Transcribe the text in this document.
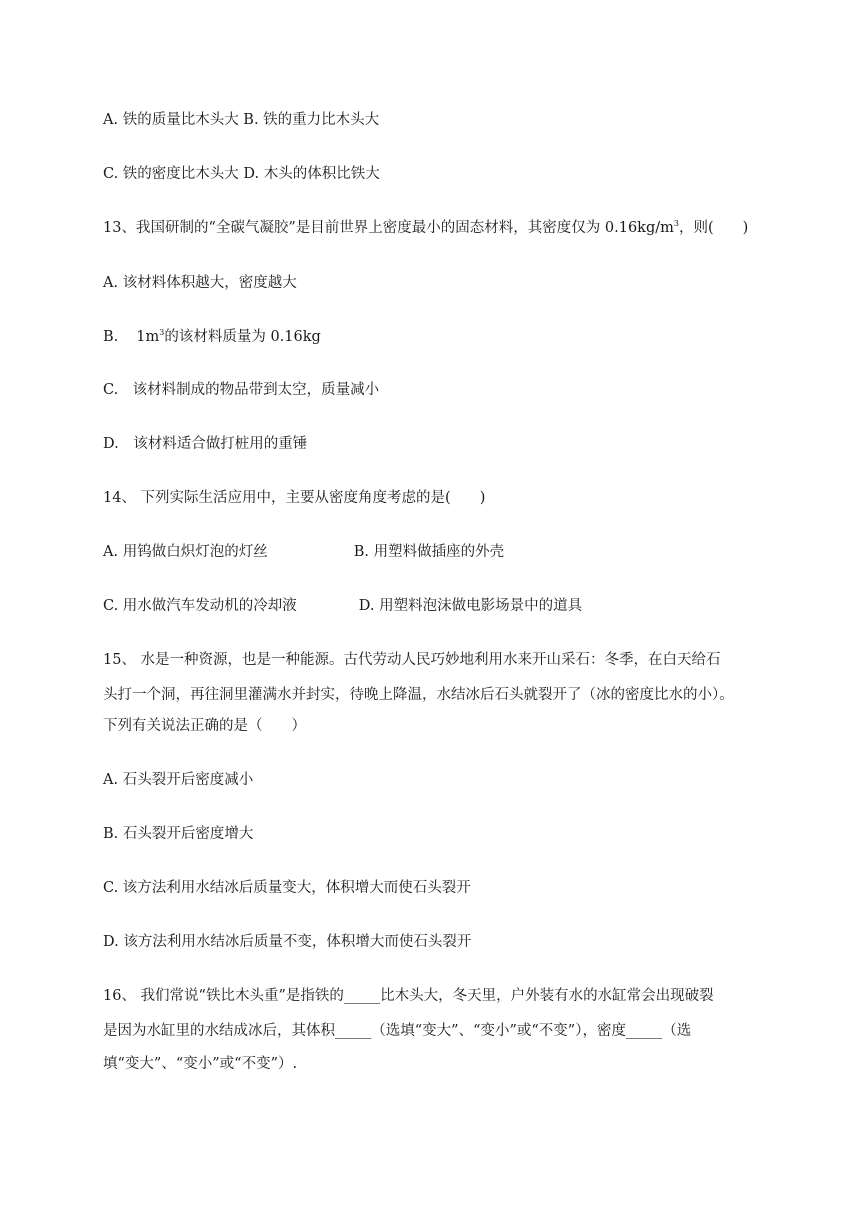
A. 铁的质量比木头大 B. 铁的重力比木头大

C. 铁的密度比木头大 D. 木头的体积比铁大

13、我国研制的“全碳气凝胶”是目前世界上密度最小的固态材料，其密度仅为 $0.16kg/m^3$，则(　　)

A. 该材料体积越大，密度越大

B. $1m^3$的该材料质量为 0.16kg

C.　该材料制成的物品带到太空，质量减小

D.　该材料适合做打桩用的重锤

14、 下列实际生活应用中，主要从密度角度考虑的是(　　)

A. 用钨做白炽灯泡的灯丝	B. 用塑料做插座的外壳

C. 用水做汽车发动机的冷却液	D. 用塑料泡沫做电影场景中的道具

15、 水是一种资源，也是一种能源。古代劳动人民巧妙地利用水来开山采石：冬季，在白天给石

头打一个洞，再往洞里灌满水并封实，待晚上降温，水结冰后石头就裂开了（冰的密度比水的小）。

下列有关说法正确的是（　　）

A. 石头裂开后密度减小

B. 石头裂开后密度增大

C. 该方法利用水结冰后质量变大，体积增大而使石头裂开

D. 该方法利用水结冰后质量不变，体积增大而使石头裂开

16、 我们常说“铁比木头重”是指铁的_____比木头大，冬天里，户外装有水的水缸常会出现破裂

是因为水缸里的水结成冰后，其体积_____（选填“变大”、“变小”或“不变”），密度_____（选

填“变大”、“变小”或“不变”）.
